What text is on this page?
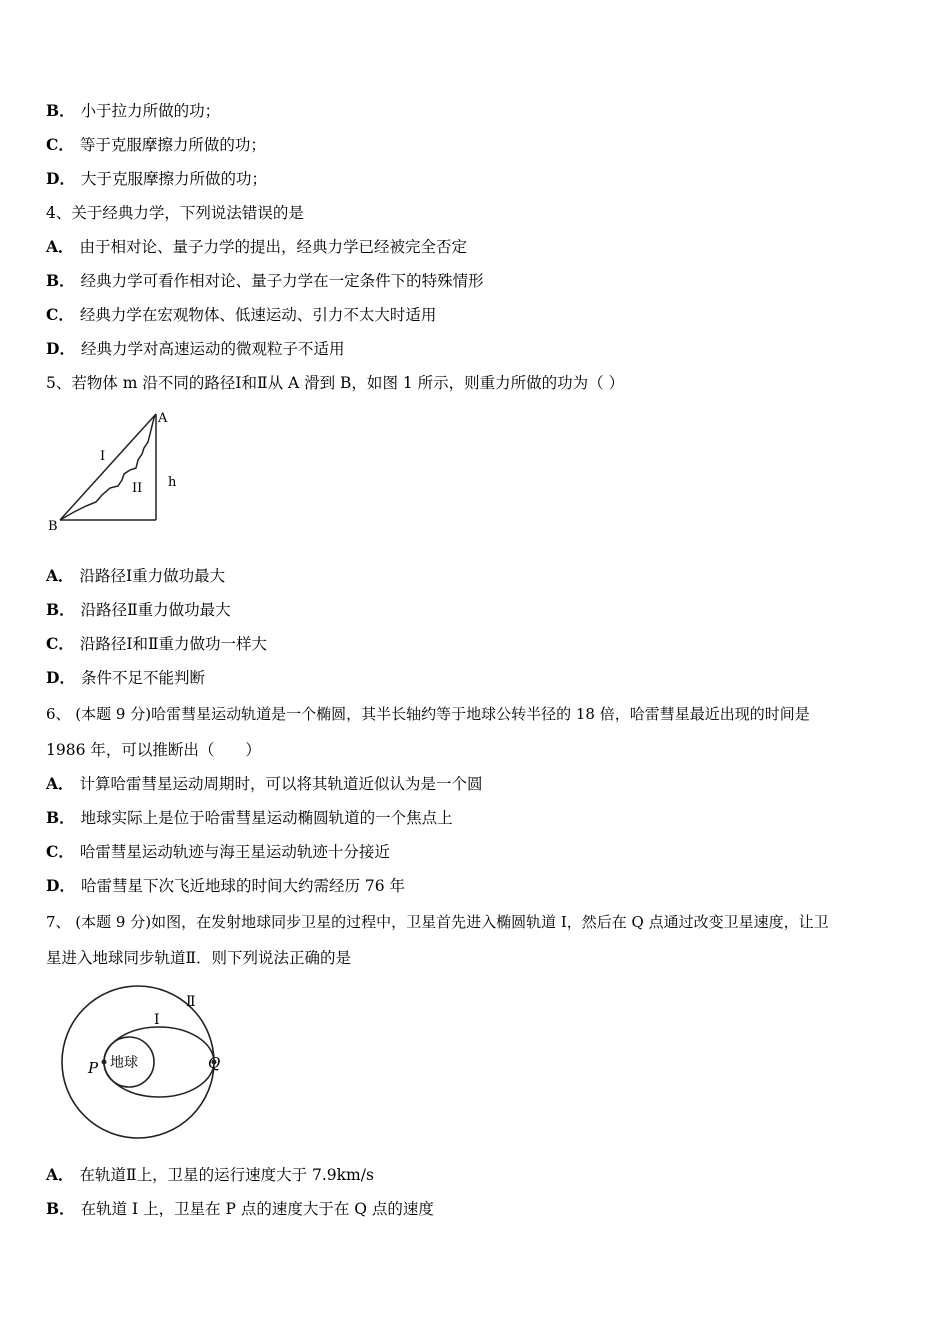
B． 小于拉力所做的功；
C． 等于克服摩擦力所做的功；
D． 大于克服摩擦力所做的功；
4、关于经典力学，下列说法错误的是
A． 由于相对论、量子力学的提出，经典力学已经被完全否定
B． 经典力学可看作相对论、量子力学在一定条件下的特殊情形
C． 经典力学在宏观物体、低速运动、引力不太大时适用
D． 经典力学对高速运动的微观粒子不适用
5、若物体 m 沿不同的路径Ⅰ和Ⅱ从 A 滑到 B，如图 1 所示，则重力所做的功为（ ）
A
B
h
I
II
A． 沿路径Ⅰ重力做功最大
B． 沿路径Ⅱ重力做功最大
C． 沿路径Ⅰ和Ⅱ重力做功一样大
D． 条件不足不能判断
6、 (本题 9 分)哈雷彗星运动轨道是一个椭圆，其半长轴约等于地球公转半径的 18 倍，哈雷彗星最近出现的时间是
1986 年，可以推断出（　　）
A． 计算哈雷彗星运动周期时，可以将其轨道近似认为是一个圆
B． 地球实际上是位于哈雷彗星运动椭圆轨道的一个焦点上
C． 哈雷彗星运动轨迹与海王星运动轨迹十分接近
D． 哈雷彗星下次飞近地球的时间大约需经历 76 年
7、 (本题 9 分)如图，在发射地球同步卫星的过程中，卫星首先进入椭圆轨道 I，然后在 Q 点通过改变卫星速度，让卫
星进入地球同步轨道Ⅱ．则下列说法正确的是
地球
P	Q
I
Ⅱ
A． 在轨道Ⅱ上，卫星的运行速度大于 7.9km/s
B． 在轨道 I 上，卫星在 P 点的速度大于在 Q 点的速度
